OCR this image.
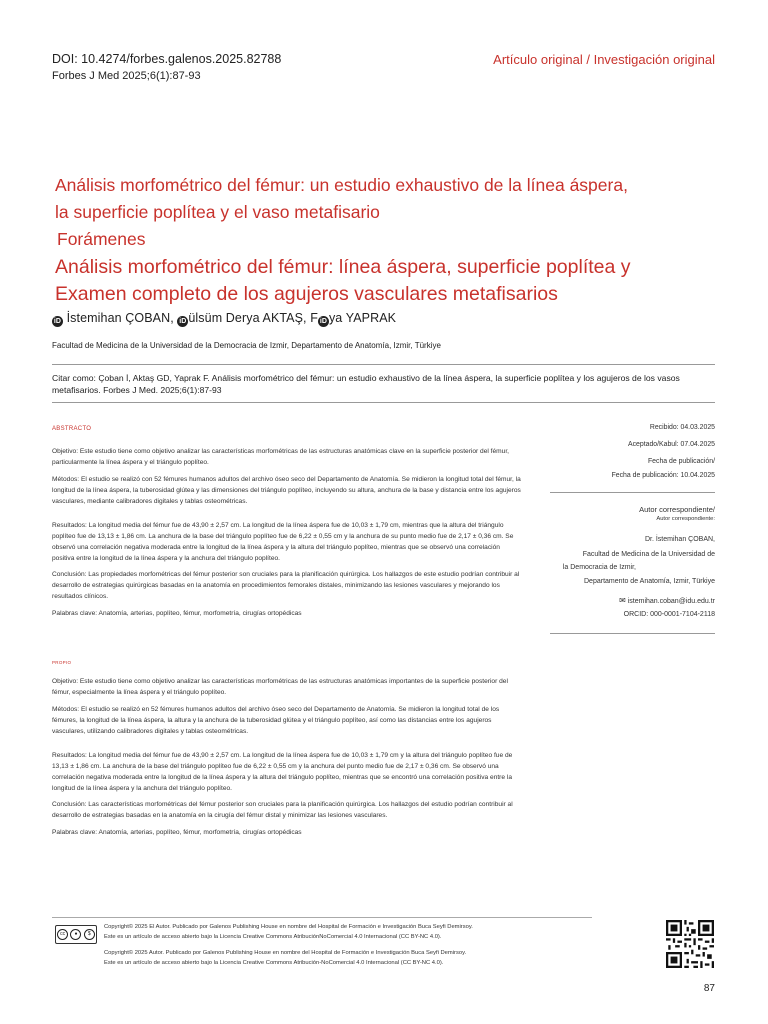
DOI: 10.4274/forbes.galenos.2025.82788
Forbes J Med 2025;6(1):87-93
Artículo original / Investigación original
Análisis morfométrico del fémur: un estudio exhaustivo de la línea áspera,
la superficie poplítea y el vaso metafisario
Forámenes
Análisis morfométrico del fémur: línea áspera, superficie poplítea y
Examen completo de los agujeros vasculares metafisarios
iD İstemihan ÇOBAN, iD ülsüm Derya AKTAŞ, F iD ya YAPRAK
Facultad de Medicina de la Universidad de la Democracia de Izmir, Departamento de Anatomía, Izmir, Türkiye
Citar como: Çoban İ, Aktaş GD, Yaprak F. Análisis morfométrico del fémur: un estudio exhaustivo de la línea áspera, la superficie poplítea y los agujeros de los vasos metafisarios. Forbes J Med. 2025;6(1):87-93
ABSTRACTO

Objetivo: Este estudio tiene como objetivo analizar las características morfométricas de las estructuras anatómicas clave en la superficie posterior del fémur, particularmente la línea áspera y el triángulo poplíteo.

Métodos: El estudio se realizó con 52 fémures humanos adultos del archivo óseo seco del Departamento de Anatomía. Se midieron la longitud total del fémur, la longitud de la línea áspera, la tuberosidad glútea y las dimensiones del triángulo poplíteo, incluyendo su altura, anchura de la base y distancia entre los agujeros vasculares, mediante calibradores digitales y tablas osteométricas.

Resultados: La longitud media del fémur fue de 43,90 ± 2,57 cm. La longitud de la línea áspera fue de 10,03 ± 1,79 cm, mientras que la altura del triángulo poplíteo fue de 13,13 ± 1,86 cm. La anchura de la base del triángulo poplíteo fue de 6,22 ± 0,55 cm y la anchura de su punto medio fue de 2,17 ± 0,36 cm. Se observó una correlación negativa moderada entre la longitud de la línea áspera y la altura del triángulo poplíteo, mientras que se observó una correlación positiva entre la longitud de la línea áspera y la anchura del triángulo poplíteo.

Conclusión: Las propiedades morfométricas del fémur posterior son cruciales para la planificación quirúrgica. Los hallazgos de este estudio podrían contribuir al desarrollo de estrategias quirúrgicas basadas en la anatomía en procedimientos femorales distales, minimizando las lesiones vasculares y mejorando los resultados clínicos.

Palabras clave: Anatomía, arterias, poplíteo, fémur, morfometría, cirugías ortopédicas

Recibido: 04.03.2025
Aceptado/Kabul: 07.04.2025
Fecha de publicación/
Fecha de publicación: 10.04.2025
Autor correspondiente/
Autor correspondiente:
Dr. İstemihan ÇOBAN,
Facultad de Medicina de la Universidad de
la Democracia de Izmir,
Departamento de Anatomía, Izmir, Türkiye
✉ istemihan.coban@idu.edu.tr
ORCID: 000-0001-7104-2118
PROPIO

Objetivo: Este estudio tiene como objetivo analizar las características morfométricas de las estructuras anatómicas importantes de la superficie posterior del fémur, especialmente la línea áspera y el triángulo poplíteo.

Métodos: El estudio se realizó en 52 fémures humanos adultos del archivo óseo seco del Departamento de Anatomía. Se midieron la longitud total de los fémures, la longitud de la línea áspera, la altura y la anchura de la tuberosidad glútea y el triángulo poplíteo, así como las distancias entre los agujeros vasculares, utilizando calibradores digitales y tablas osteométricas.

Resultados: La longitud media del fémur fue de 43,90 ± 2,57 cm. La longitud de la línea áspera fue de 10,03 ± 1,79 cm y la altura del triángulo poplíteo fue de 13,13 ± 1,86 cm. La anchura de la base del triángulo poplíteo fue de 6,22 ± 0,55 cm y la anchura del punto medio fue de 2,17 ± 0,36 cm. Se observó una correlación negativa moderada entre la longitud de la línea áspera y la altura del triángulo poplíteo, mientras que se encontró una correlación positiva entre la longitud de la línea áspera y la anchura del triángulo poplíteo.

Conclusión: Las características morfométricas del fémur posterior son cruciales para la planificación quirúrgica. Los hallazgos del estudio podrían contribuir al desarrollo de estrategias basadas en la anatomía en la cirugía del fémur distal y minimizar las lesiones vasculares.

Palabras clave: Anatomía, arterias, poplíteo, fémur, morfometría, cirugías ortopédicas

cc	●	$
Copyright© 2025 El Autor. Publicado por Galenos Publishing House en nombre del Hospital de Formación e Investigación Buca Seyfi Demirsoy.
Este es un artículo de acceso abierto bajo la Licencia Creative Commons AtribuciónNoComercial 4.0 Internacional (CC BY-NC 4.0).
Copyright© 2025 Autor. Publicado por Galenos Publishing House en nombre del Hospital de Formación e Investigación Buca Seyfi Demirsoy.
Este es un artículo de acceso abierto bajo la Licencia Creative Commons Atribución-NoComercial 4.0 Internacional (CC BY-NC 4.0).
87
